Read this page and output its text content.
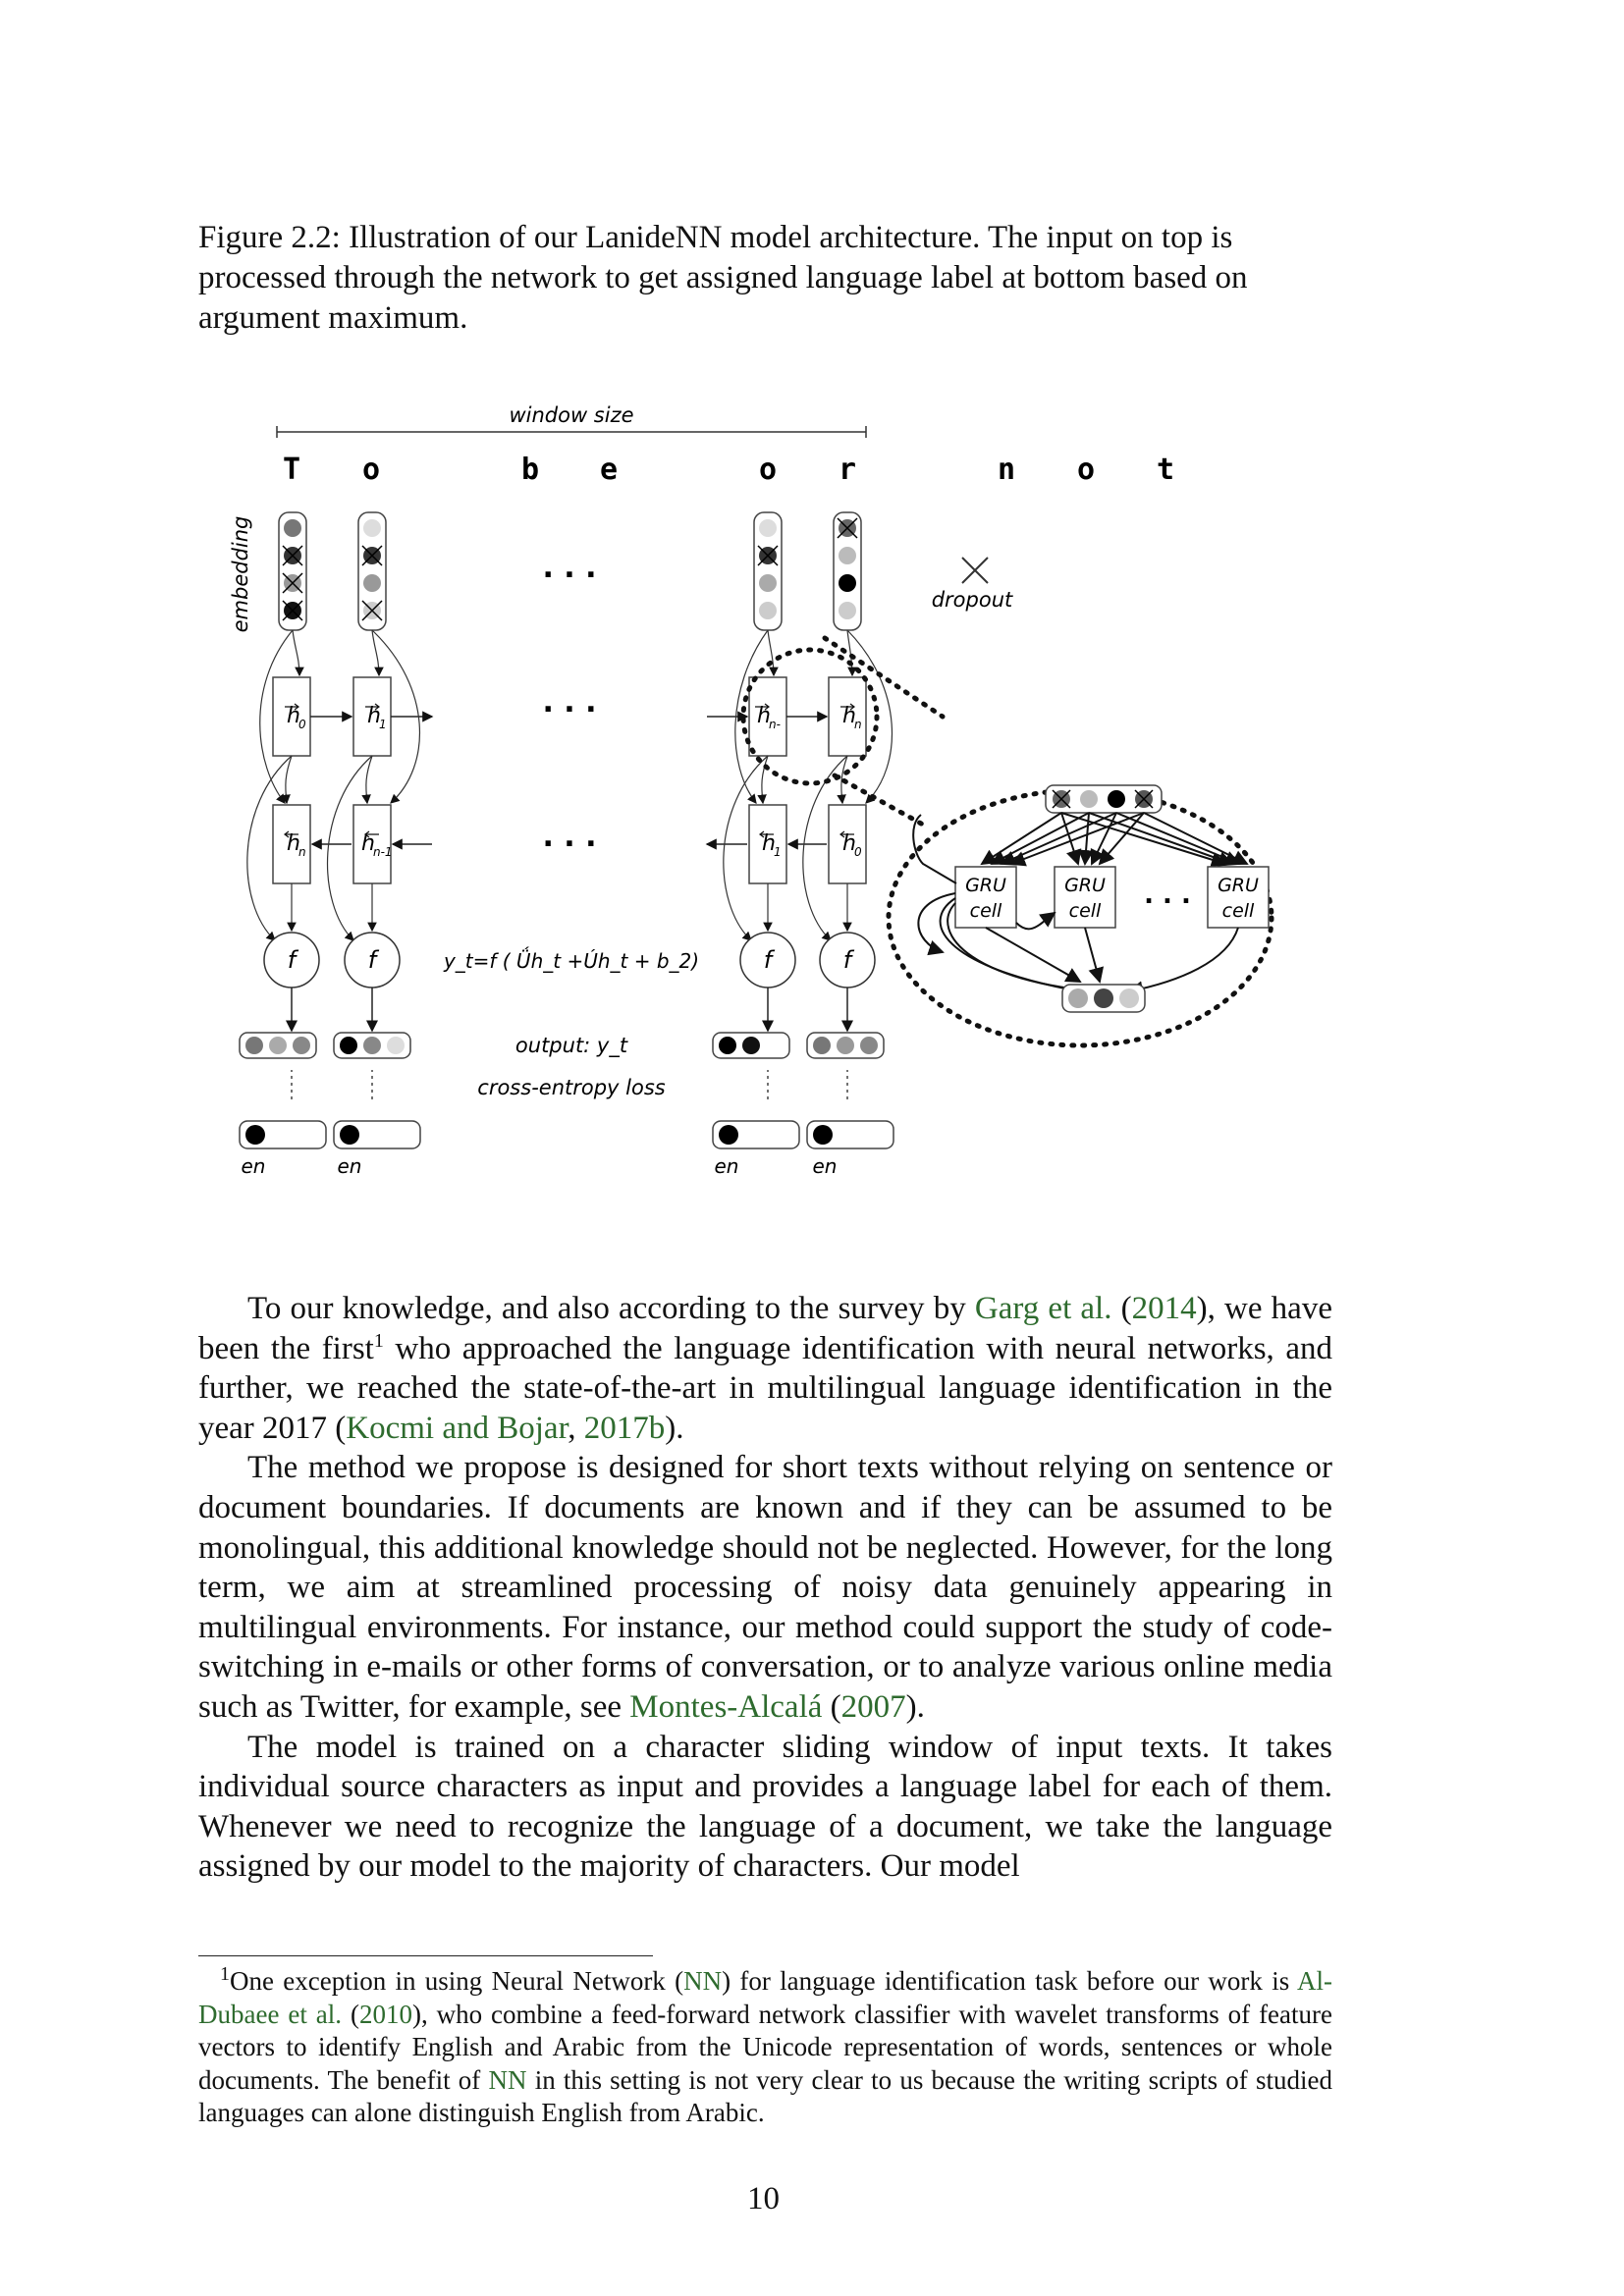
Figure 2.2: Illustration of our LanideNN model architecture. The input on top is processed through the network to get assigned language label at bottom based on argument maximum.
window size
T o	b e	o r	n o t
embedding	. . .
. . .
. . .
dropout
h
0	h
1	h
n-	h
n
h
n	h
n-1	h
1	h
0
f	f	f	f
y_t=f ( Ǘh_t +Úh_t + b_2)
output: y_t
cross-entropy loss
en	en	en	en
GRU
cell
GRU
cell
. . . GRU
cell

To our knowledge, and also according to the survey by Garg et al. (2014), we have been the first$^1$ who approached the language identification with neural networks, and further, we reached the state-of-the-art in multilingual language identification in the year 2017 (Kocmi and Bojar, 2017b).

The method we propose is designed for short texts without relying on sentence or document boundaries. If documents are known and if they can be assumed to be monolingual, this additional knowledge should not be neglected. However, for the long term, we aim at streamlined processing of noisy data genuinely appearing in multilingual environments. For instance, our method could support the study of code-switching in e-mails or other forms of conversation, or to analyze various online media such as Twitter, for example, see Montes-Alcalá (2007).

The model is trained on a character sliding window of input texts. It takes individual source characters as input and provides a language label for each of them. Whenever we need to recognize the language of a document, we take the language assigned by our model to the majority of characters. Our model

$^1$One exception in using Neural Network (NN) for language identification task before our work is Al-Dubaee et al. (2010), who combine a feed-forward network classifier with wavelet transforms of feature vectors to identify English and Arabic from the Unicode representation of words, sentences or whole documents. The benefit of NN in this setting is not very clear to us because the writing scripts of studied languages can alone distinguish English from Arabic.

10
